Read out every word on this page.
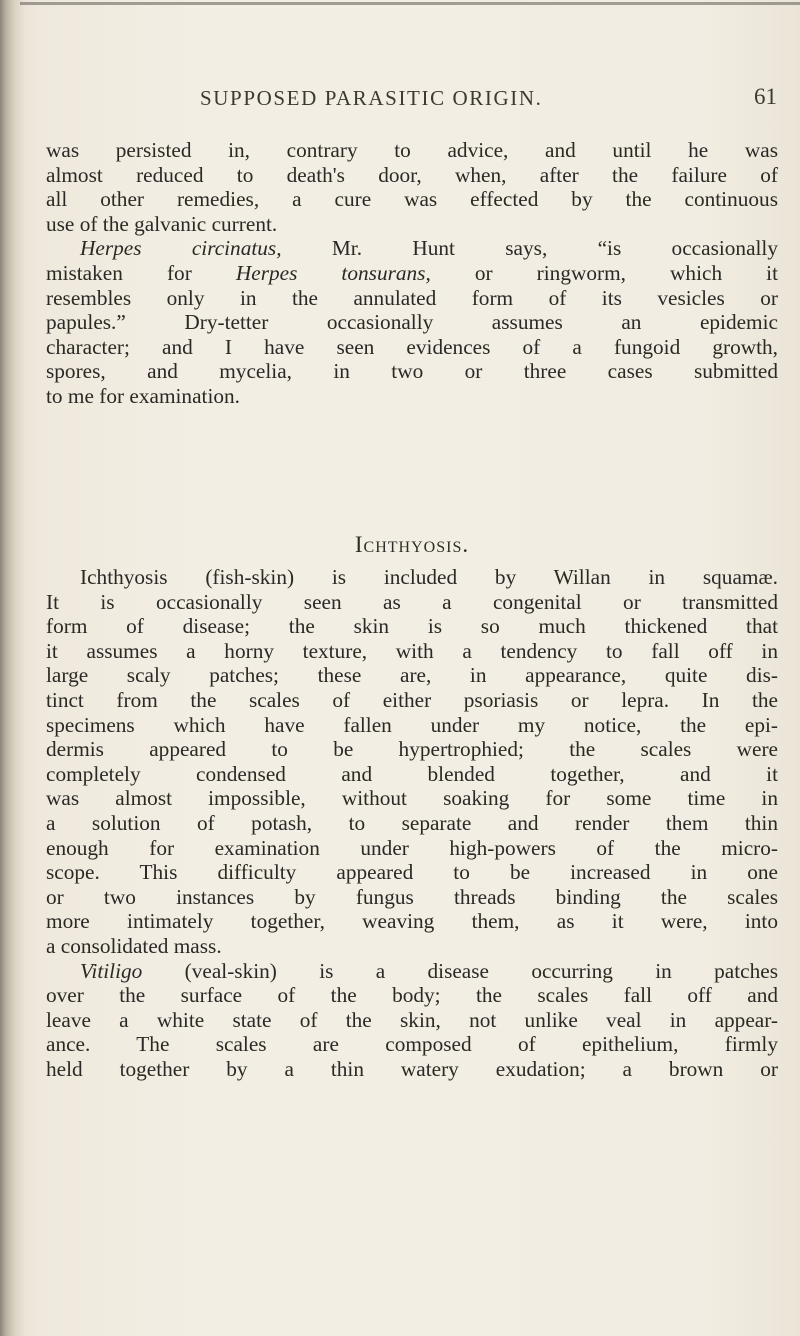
SUPPOSED PARASITIC ORIGIN.	61
was persisted in, contrary to advice, and until he was
almost reduced to death's door, when, after the failure of
all other remedies, a cure was effected by the continuous
use of the galvanic current.
Herpes circinatus, Mr. Hunt says, “is occasionally
mistaken for Herpes tonsurans, or ringworm, which it
resembles only in the annulated form of its vesicles or
papules.” Dry-tetter occasionally assumes an epidemic
character; and I have seen evidences of a fungoid growth,
spores, and mycelia, in two or three cases submitted
to me for examination.
Ichthyosis.
Ichthyosis (fish-skin) is included by Willan in squamæ.
It is occasionally seen as a congenital or transmitted
form of disease; the skin is so much thickened that
it assumes a horny texture, with a tendency to fall off in
large scaly patches; these are, in appearance, quite dis-
tinct from the scales of either psoriasis or lepra. In the
specimens which have fallen under my notice, the epi-
dermis appeared to be hypertrophied; the scales were
completely condensed and blended together, and it
was almost impossible, without soaking for some time in
a solution of potash, to separate and render them thin
enough for examination under high-powers of the micro-
scope. This difficulty appeared to be increased in one
or two instances by fungus threads binding the scales
more intimately together, weaving them, as it were, into
a consolidated mass.
Vitiligo (veal-skin) is a disease occurring in patches
over the surface of the body; the scales fall off and
leave a white state of the skin, not unlike veal in appear-
ance. The scales are composed of epithelium, firmly
held together by a thin watery exudation; a brown or
